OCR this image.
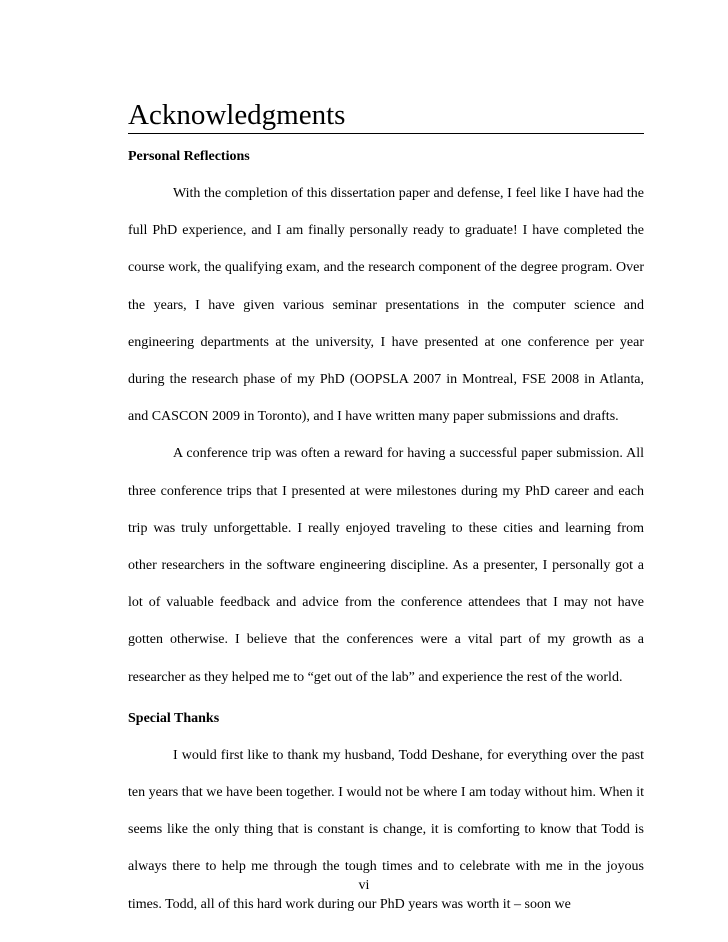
Acknowledgments
Personal Reflections

With the completion of this dissertation paper and defense, I feel like I have had the full PhD experience, and I am finally personally ready to graduate! I have completed the course work, the qualifying exam, and the research component of the degree program. Over the years, I have given various seminar presentations in the computer science and engineering departments at the university, I have presented at one conference per year during the research phase of my PhD (OOPSLA 2007 in Montreal, FSE 2008 in Atlanta, and CASCON 2009 in Toronto), and I have written many paper submissions and drafts.

A conference trip was often a reward for having a successful paper submission. All three conference trips that I presented at were milestones during my PhD career and each trip was truly unforgettable. I really enjoyed traveling to these cities and learning from other researchers in the software engineering discipline. As a presenter, I personally got a lot of valuable feedback and advice from the conference attendees that I may not have gotten otherwise. I believe that the conferences were a vital part of my growth as a researcher as they helped me to “get out of the lab” and experience the rest of the world.

Special Thanks

I would first like to thank my husband, Todd Deshane, for everything over the past ten years that we have been together. I would not be where I am today without him. When it seems like the only thing that is constant is change, it is comforting to know that Todd is always there to help me through the tough times and to celebrate with me in the joyous times. Todd, all of this hard work during our PhD years was worth it – soon we

vi
